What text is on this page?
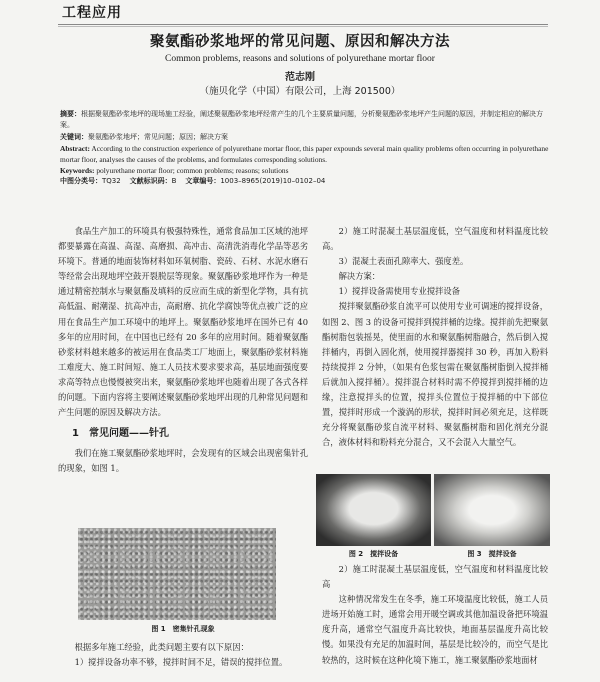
工程应用
聚氨酯砂浆地坪的常见问题、原因和解决方法
Common problems, reasons and solutions of polyurethane mortar floor
范志刚
（施贝化学（中国）有限公司，上海 201500）

摘要：根据聚氨酯砂浆地坪的现场施工经验，阐述聚氨酯砂浆地坪经常产生的几个主要质量问题，分析聚氨酯砂浆地坪产生问题的原因，并制定相应的解决方案。

关键词：聚氨酯砂浆地坪；常见问题；原因；解决方案

Abstract: According to the construction experience of polyurethane mortar floor, this paper expounds several main quality problems often occurring in polyurethane mortar floor, analyses the causes of the problems, and formulates corresponding solutions.

Keywords: polyurethane mortar floor; common problems; reasons; solutions

中图分类号：TQ32 文献标识码：B 文章编号：1003–8965(2019)10–0102–04

食品生产加工的环境具有极强特殊性，通常食品加工区域的池坪都要暴露在高温、高湿、高磨损、高冲击、高清洗消毒化学品等恶劣环境下。普通的地面装饰材料如环氧树脂、瓷砖、石材、水泥水磨石等经常会出现地坪空鼓开裂脱层等现象。聚氨酯砂浆地坪作为一种是通过精密控制水与聚氨酯及填料的反应而生成的新型化学物，具有抗高低温、耐潮湿、抗高冲击，高耐磨、抗化学腐蚀等优点被广泛的应用在食品生产加工环境中的地坪上。聚氨酯砂浆地坪在国外已有 40 多年的应用时间，在中国也已经有 20 多年的应用时间。随着聚氨酯砂浆材料越来越多的被运用在食品类工厂地面上，聚氨酯砂浆材料施工难度大、施工时间短、施工人员技术要求要求高，基层地面强度要求高等特点也慢慢被突出来，聚氨酯砂浆地坪也随着出现了各式各样的问题。下面内容将主要阐述聚氨酯砂浆地坪出现的几种常见问题和产生问题的原因及解决方法。

1　常见问题——针孔

我们在施工聚氨酯砂浆地坪时，会发现有的区域会出现密集针孔的现象，如图 1。

图 1　密集针孔现象

根据多年施工经验，此类问题主要有以下原因：

1）搅拌设备功率不够，搅拌时间不足，错误的搅拌位置。

2）施工时混凝土基层温度低，空气温度和材料温度比较高。

3）混凝土表面孔隙率大、强度差。

解决方案：

1）搅拌设备需使用专业搅拌设备

搅拌聚氨酯砂浆自流平可以使用专业可调速的搅拌设备，如图 2、图 3 的设备可搅拌到搅拌桶的边缘。搅拌前先把聚氨酯树脂包装摇晃，使里面的水和聚氨酯树脂融合，然后倒入搅拌桶内，再倒入固化剂，使用搅拌器搅拌 30 秒，再加入粉料持续搅拌 2 分钟，（如果有色浆包需在聚氨酯树脂倒入搅拌桶后就加入搅拌桶）。搅拌混合材料时需不停搅拌到搅拌桶的边缘，注意搅拌头的位置，搅拌头位置位于搅拌桶的中下部位置，搅拌时形成一个漩涡的形状，搅拌时间必须充足，这样既充分将聚氨酯砂浆自流平材料、聚氨酯树脂和固化剂充分混合，液体材料和粉料充分混合，又不会混入大量空气。

图 2　搅拌设备	图 3　搅拌设备

2）施工时混凝土基层温度低，空气温度和材料温度比较高

这种情况常发生在冬季，施工环境温度比较低，施工人员进场开始施工时，通常会用开暖空调或其他加温设备把环境温度升高，通常空气温度升高比较快，地面基层温度升高比较慢。如果没有充足的加温时间，基层是比较冷的，而空气是比较热的，这时候在这种化境下施工，施工聚氨酯砂浆地面材
